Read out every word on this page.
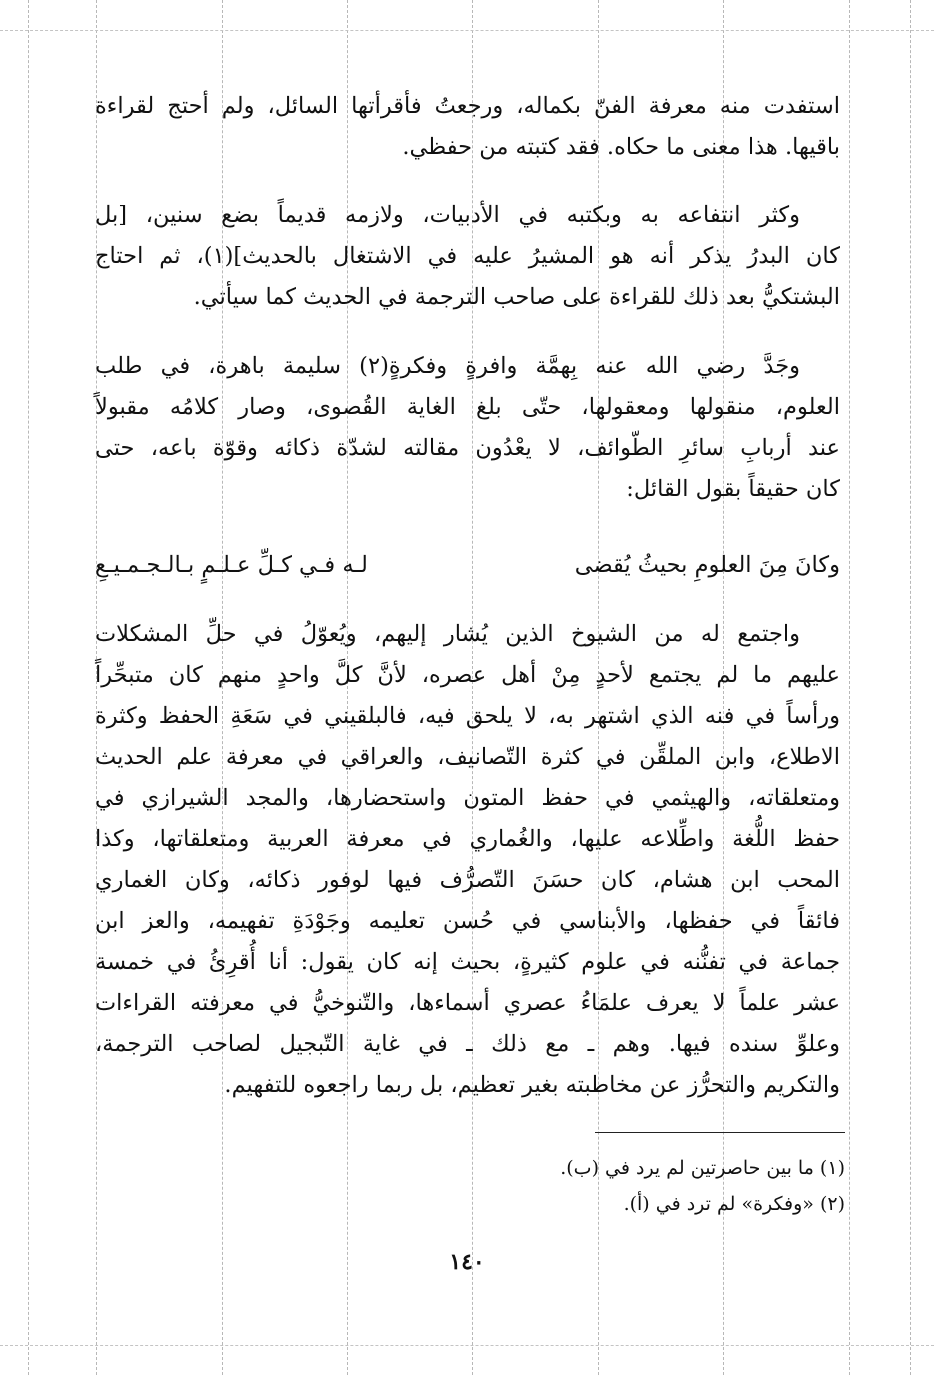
استفدت منه معرفة الفنّ بكماله، ورجعتُ فأقرأتها السائل، ولم أحتج لقراءة
باقيها. هذا معنى ما حكاه. فقد كتبته من حفظي.
وكثر انتفاعه به وبكتبه في الأدبيات، ولازمه قديماً بضع سنين، [بل
كان البدرُ يذكر أنه هو المشيرُ عليه في الاشتغال بالحديث](١)، ثم احتاج
البشتكيُّ بعد ذلك للقراءة على صاحب الترجمة في الحديث كما سيأتي.
وجَدَّ رضي الله عنه بِهمَّة وافرةٍ وفكرةٍ(٢) سليمة باهرة، في طلب
العلوم، منقولها ومعقولها، حتّى بلغ الغاية القُصوى، وصار كلامُه مقبولاً
عند أربابِ سائرِ الطّوائف، لا يعْدُون مقالته لشدّة ذكائه وقوّة باعه، حتى
كان حقيقاً بقول القائل:
وكانَ مِنَ العلومِ بحيثُ يُقضى
لـه فـي كـلِّ عـلـمٍ بـالـجـمـيـعِ
واجتمع له من الشيوخ الذين يُشار إليهم، ويُعوّلُ في حلِّ المشكلات
عليهم ما لم يجتمع لأحدٍ مِنْ أهل عصره، لأنَّ كلَّ واحدٍ منهم كان متبحِّراً
ورأساً في فنه الذي اشتهر به، لا يلحق فيه، فالبلقيني في سَعَةِ الحفظ وكثرة
الاطلاع، وابن الملقِّن في كثرة التّصانيف، والعراقي في معرفة علم الحديث
ومتعلقاته، والهيثمي في حفظ المتون واستحضارها، والمجد الشيرازي في
حفظ اللُّغة واطِّلاعه عليها، والغُماري في معرفة العربية ومتعلقاتها، وكذا
المحب ابن هشام، كان حسَنَ التّصرُّف فيها لوفور ذكائه، وكان الغماري
فائقاً في حفظها، والأبناسي في حُسن تعليمه وجَوْدَةِ تفهيمه، والعز ابن
جماعة في تفنُّنه في علوم كثيرةٍ، بحيث إنه كان يقول: أنا أُقرِئُ في خمسة
عشر علماً لا يعرف علمَاءُ عصري أسماءها، والتّنوخيُّ في معرفته القراءات
وعلوِّ سنده فيها. وهم ـ مع ذلك ـ في غاية التّبجيل لصاحب الترجمة،
والتكريم والتحرُّز عن مخاطبته بغير تعظيم، بل ربما راجعوه للتفهيم.
(١) ما بين حاصرتين لم يرد في (ب).
(٢) «وفكرة» لم ترد في (أ).
١٤٠
